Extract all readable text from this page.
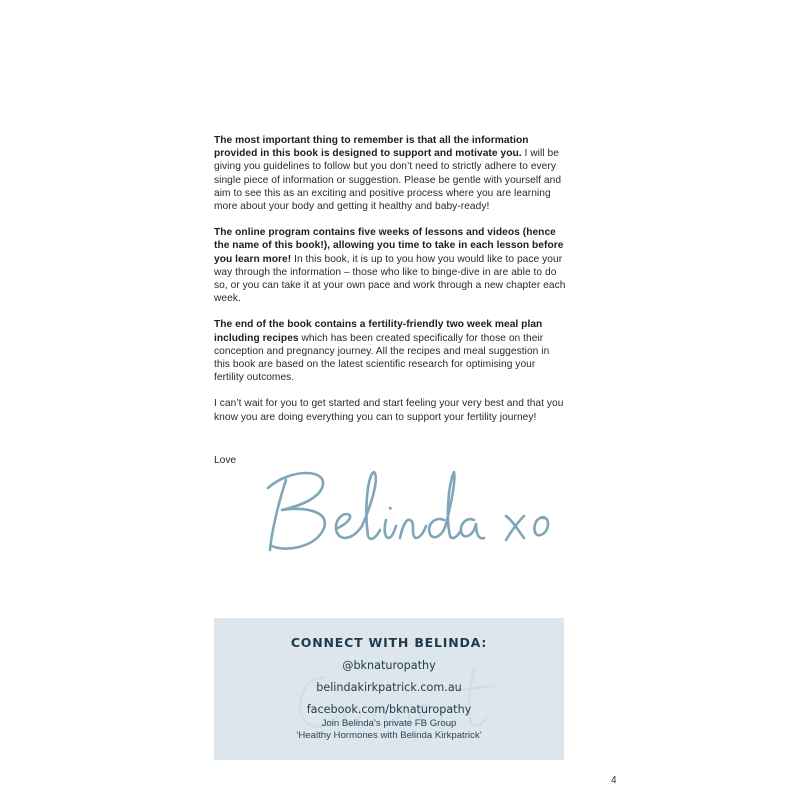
The most important thing to remember is that all the information provided in this book is designed to support and motivate you. I will be giving you guidelines to follow but you don’t need to strictly adhere to every single piece of information or suggestion. Please be gentle with yourself and aim to see this as an exciting and positive process where you are learning more about your body and getting it healthy and baby-ready!

The online program contains five weeks of lessons and videos (hence the name of this book!), allowing you time to take in each lesson before you learn more! In this book, it is up to you how you would like to pace your way through the information – those who like to binge-dive in are able to do so, or you can take it at your own pace and work through a new chapter each week.

The end of the book contains a fertility-friendly two week meal plan including recipes which has been created specifically for those on their conception and pregnancy journey. All the recipes and meal suggestion in this book are based on the latest scientific research for optimising your fertility outcomes.

I can’t wait for you to get started and start feeling your very best and that you know you are doing everything you can to support your fertility journey!

Love
CONNECT WITH BELINDA:
@bknaturopathy
belindakirkpatrick.com.au
facebook.com/bknaturopathy
Join Belinda’s private FB Group
‘Healthy Hormones with Belinda Kirkpatrick’
4
